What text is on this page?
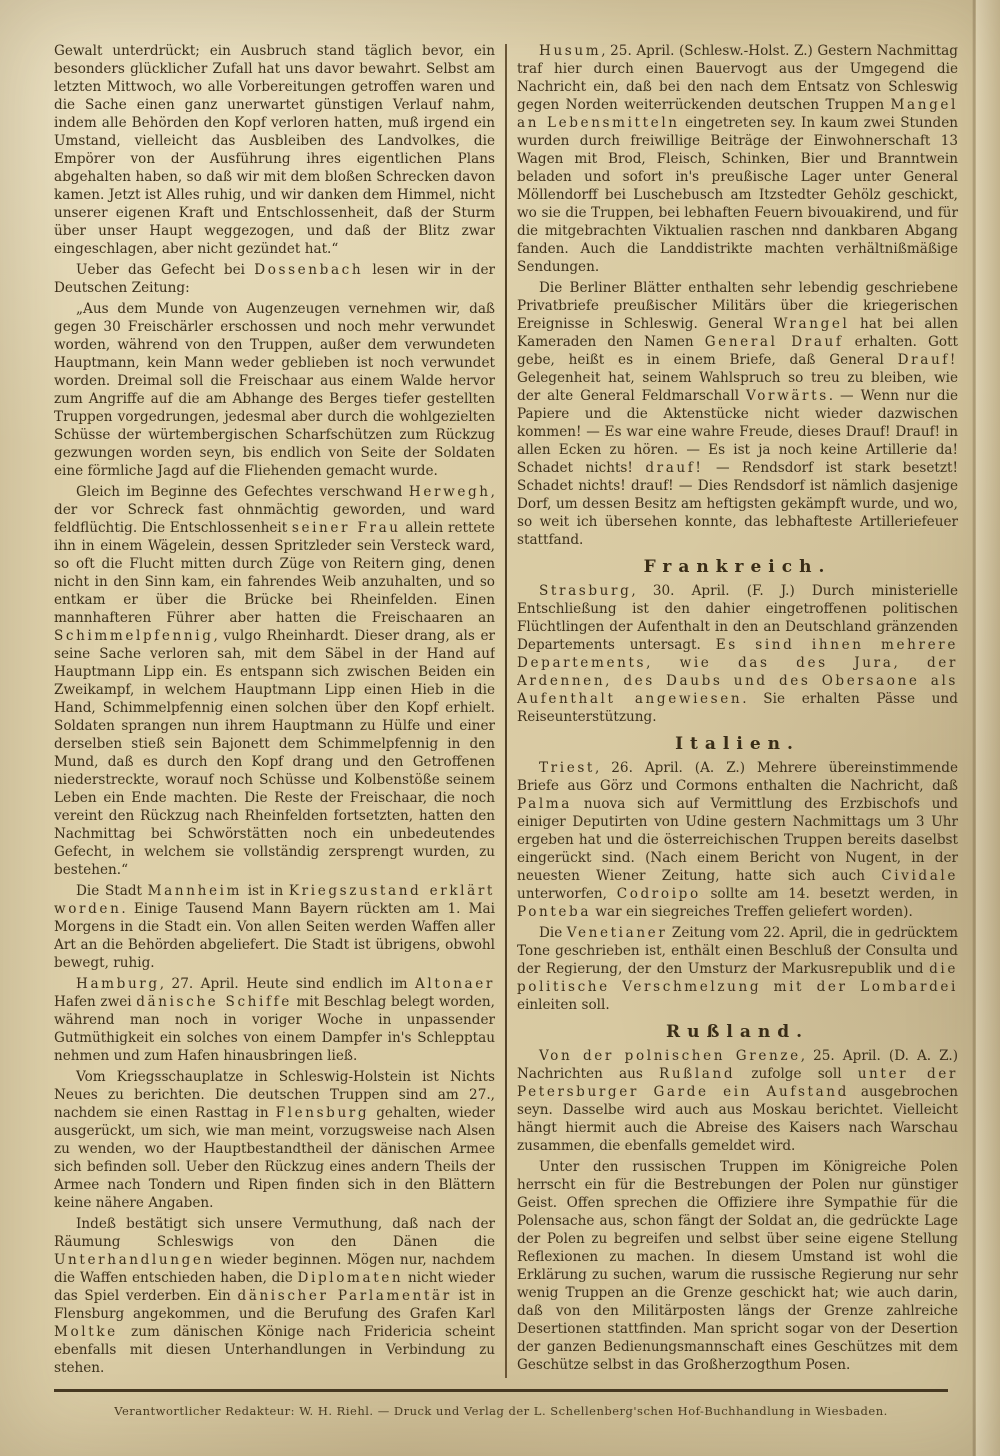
Gewalt unterdrückt; ein Ausbruch stand täglich bevor, ein besonders glücklicher Zufall hat uns davor bewahrt. Selbst am letzten Mittwoch, wo alle Vorbereitungen getroffen waren und die Sache einen ganz unerwartet günstigen Verlauf nahm, indem alle Behörden den Kopf verloren hatten, muß irgend ein Umstand, vielleicht das Ausbleiben des Landvolkes, die Empörer von der Ausführung ihres eigentlichen Plans abgehalten haben, so daß wir mit dem bloßen Schrecken davon kamen. Jetzt ist Alles ruhig, und wir danken dem Himmel, nicht unserer eigenen Kraft und Entschlossenheit, daß der Sturm über unser Haupt weggezogen, und daß der Blitz zwar eingeschlagen, aber nicht gezündet hat.“

Ueber das Gefecht bei Dossenbach lesen wir in der Deutschen Zeitung:

„Aus dem Munde von Augenzeugen vernehmen wir, daß gegen 30 Freischärler erschossen und noch mehr verwundet worden, während von den Truppen, außer dem verwundeten Hauptmann, kein Mann weder geblieben ist noch verwundet worden. Dreimal soll die Freischaar aus einem Walde hervor zum Angriffe auf die am Abhange des Berges tiefer gestellten Truppen vorgedrungen, jedesmal aber durch die wohlgezielten Schüsse der würtembergischen Scharfschützen zum Rückzug gezwungen worden seyn, bis endlich von Seite der Soldaten eine förmliche Jagd auf die Fliehenden gemacht wurde.

Gleich im Beginne des Gefechtes verschwand Herwegh, der vor Schreck fast ohnmächtig geworden, und ward feldflüchtig. Die Entschlossenheit seiner Frau allein rettete ihn in einem Wägelein, dessen Spritzleder sein Versteck ward, so oft die Flucht mitten durch Züge von Reitern ging, denen nicht in den Sinn kam, ein fahrendes Weib anzuhalten, und so entkam er über die Brücke bei Rheinfelden. Einen mannhafteren Führer aber hatten die Freischaaren an Schimmelpfennig, vulgo Rheinhardt. Dieser drang, als er seine Sache verloren sah, mit dem Säbel in der Hand auf Hauptmann Lipp ein. Es entspann sich zwischen Beiden ein Zweikampf, in welchem Hauptmann Lipp einen Hieb in die Hand, Schimmelpfennig einen solchen über den Kopf erhielt. Soldaten sprangen nun ihrem Hauptmann zu Hülfe und einer derselben stieß sein Bajonett dem Schimmelpfennig in den Mund, daß es durch den Kopf drang und den Getroffenen niederstreckte, worauf noch Schüsse und Kolbenstöße seinem Leben ein Ende machten. Die Reste der Freischaar, die noch vereint den Rückzug nach Rheinfelden fortsetzten, hatten den Nachmittag bei Schwörstätten noch ein unbedeutendes Gefecht, in welchem sie vollständig zersprengt wurden, zu bestehen.“

Die Stadt Mannheim ist in Kriegszustand erklärt worden. Einige Tausend Mann Bayern rückten am 1. Mai Morgens in die Stadt ein. Von allen Seiten werden Waffen aller Art an die Behörden abgeliefert. Die Stadt ist übrigens, obwohl bewegt, ruhig.

Hamburg, 27. April. Heute sind endlich im Altonaer Hafen zwei dänische Schiffe mit Beschlag belegt worden, während man noch in voriger Woche in unpassender Gutmüthigkeit ein solches von einem Dampfer in's Schlepptau nehmen und zum Hafen hinausbringen ließ.

Vom Kriegsschauplatze in Schleswig-Holstein ist Nichts Neues zu berichten. Die deutschen Truppen sind am 27., nachdem sie einen Rasttag in Flensburg gehalten, wieder ausgerückt, um sich, wie man meint, vorzugsweise nach Alsen zu wenden, wo der Hauptbestandtheil der dänischen Armee sich befinden soll. Ueber den Rückzug eines andern Theils der Armee nach Tondern und Ripen finden sich in den Blättern keine nähere Angaben.

Indeß bestätigt sich unsere Vermuthung, daß nach der Räumung Schleswigs von den Dänen die Unterhandlungen wieder beginnen. Mögen nur, nachdem die Waffen entschieden haben, die Diplomaten nicht wieder das Spiel verderben. Ein dänischer Parlamentär ist in Flensburg angekommen, und die Berufung des Grafen Karl Moltke zum dänischen Könige nach Fridericia scheint ebenfalls mit diesen Unterhandlungen in Verbindung zu stehen.

Husum, 25. April. (Schlesw.-Holst. Z.) Gestern Nachmittag traf hier durch einen Bauervogt aus der Umgegend die Nachricht ein, daß bei den nach dem Entsatz von Schleswig gegen Norden weiterrückenden deutschen Truppen Mangel an Lebensmitteln eingetreten sey. In kaum zwei Stunden wurden durch freiwillige Beiträge der Einwohnerschaft 13 Wagen mit Brod, Fleisch, Schinken, Bier und Branntwein beladen und sofort in's preußische Lager unter General Möllendorff bei Luschebusch am Itzstedter Gehölz geschickt, wo sie die Truppen, bei lebhaften Feuern bivouakirend, und für die mitgebrachten Viktualien raschen nnd dankbaren Abgang fanden. Auch die Landdistrikte machten verhältnißmäßige Sendungen.

Die Berliner Blätter enthalten sehr lebendig geschriebene Privatbriefe preußischer Militärs über die kriegerischen Ereignisse in Schleswig. General Wrangel hat bei allen Kameraden den Namen General Drauf erhalten. Gott gebe, heißt es in einem Briefe, daß General Drauf! Gelegenheit hat, seinem Wahlspruch so treu zu bleiben, wie der alte General Feldmarschall Vorwärts. — Wenn nur die Papiere und die Aktenstücke nicht wieder dazwischen kommen! — Es war eine wahre Freude, dieses Drauf! Drauf! in allen Ecken zu hören. — Es ist ja noch keine Artillerie da! Schadet nichts! drauf! — Rendsdorf ist stark besetzt! Schadet nichts! drauf! — Dies Rendsdorf ist nämlich dasjenige Dorf, um dessen Besitz am heftigsten gekämpft wurde, und wo, so weit ich übersehen konnte, das lebhafteste Artilleriefeuer stattfand.

Frankreich.

Strasburg, 30. April. (F. J.) Durch ministerielle Entschließung ist den dahier eingetroffenen politischen Flüchtlingen der Aufenthalt in den an Deutschland gränzenden Departements untersagt. Es sind ihnen mehrere Departements, wie das des Jura, der Ardennen, des Daubs und des Obersaone als Aufenthalt angewiesen. Sie erhalten Pässe und Reiseunterstützung.

Italien.

Triest, 26. April. (A. Z.) Mehrere übereinstimmende Briefe aus Görz und Cormons enthalten die Nachricht, daß Palma nuova sich auf Vermittlung des Erzbischofs und einiger Deputirten von Udine gestern Nachmittags um 3 Uhr ergeben hat und die österreichischen Truppen bereits daselbst eingerückt sind. (Nach einem Bericht von Nugent, in der neuesten Wiener Zeitung, hatte sich auch Cividale unterworfen, Codroipo sollte am 14. besetzt werden, in Ponteba war ein siegreiches Treffen geliefert worden).

Die Venetianer Zeitung vom 22. April, die in gedrücktem Tone geschrieben ist, enthält einen Beschluß der Consulta und der Regierung, der den Umsturz der Markusrepublik und die politische Verschmelzung mit der Lombardei einleiten soll.

Rußland.

Von der polnischen Grenze, 25. April. (D. A. Z.) Nachrichten aus Rußland zufolge soll unter der Petersburger Garde ein Aufstand ausgebrochen seyn. Dasselbe wird auch aus Moskau berichtet. Vielleicht hängt hiermit auch die Abreise des Kaisers nach Warschau zusammen, die ebenfalls gemeldet wird.

Unter den russischen Truppen im Königreiche Polen herrscht ein für die Bestrebungen der Polen nur günstiger Geist. Offen sprechen die Offiziere ihre Sympathie für die Polensache aus, schon fängt der Soldat an, die gedrückte Lage der Polen zu begreifen und selbst über seine eigene Stellung Reflexionen zu machen. In diesem Umstand ist wohl die Erklärung zu suchen, warum die russische Regierung nur sehr wenig Truppen an die Grenze geschickt hat; wie auch darin, daß von den Militärposten längs der Grenze zahlreiche Desertionen stattfinden. Man spricht sogar von der Desertion der ganzen Bedienungsmannschaft eines Geschützes mit dem Geschütze selbst in das Großherzogthum Posen.

Verantwortlicher Redakteur: W. H. Riehl. — Druck und Verlag der L. Schellenberg'schen Hof-Buchhandlung in Wiesbaden.
